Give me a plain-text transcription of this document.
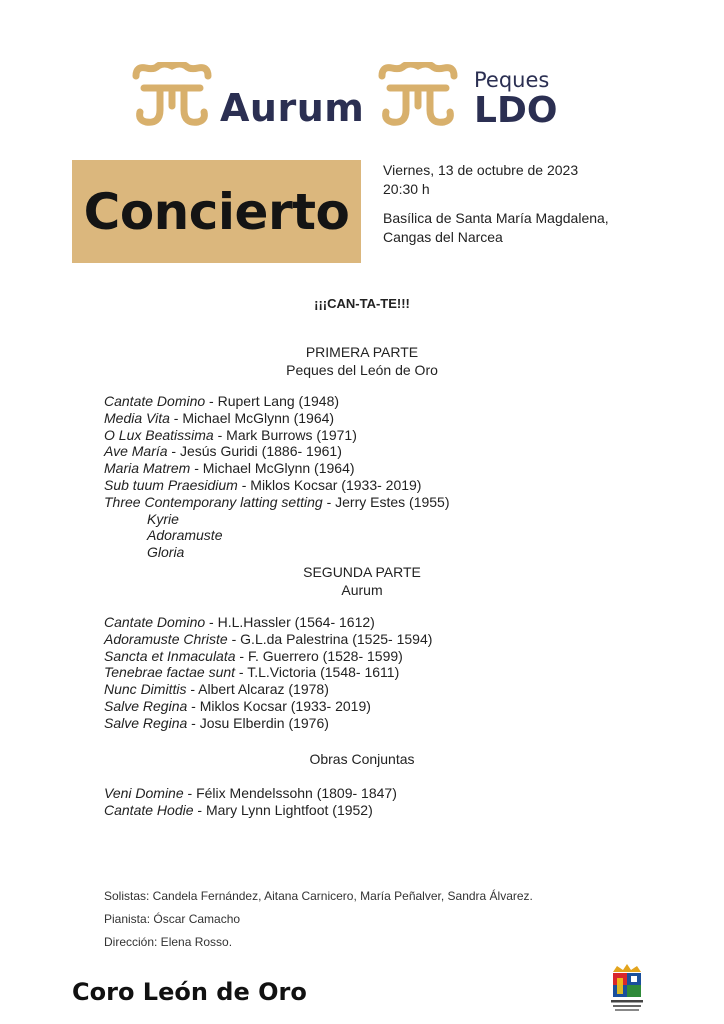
Aurum
Peques
LDO
Concierto
Viernes, 13 de octubre de 2023
20:30 h
Basílica de Santa María Magdalena,
Cangas del Narcea
¡¡¡CAN-TA-TE!!!
PRIMERA PARTE
Peques del León de Oro
Cantate Domino - Rupert Lang (1948)
Media Vita - Michael McGlynn (1964)
O Lux Beatissima - Mark Burrows (1971)
Ave María - Jesús Guridi (1886- 1961)
Maria Matrem - Michael McGlynn (1964)
Sub tuum Praesidium - Miklos Kocsar (1933- 2019)
Three Contemporany latting setting - Jerry Estes (1955)
Kyrie
Adoramuste
Gloria
SEGUNDA PARTE
Aurum
Cantate Domino - H.L.Hassler (1564- 1612)
Adoramuste Christe - G.L.da Palestrina (1525- 1594)
Sancta et Inmaculata - F. Guerrero (1528- 1599)
Tenebrae factae sunt - T.L.Victoria (1548- 1611)
Nunc Dimittis - Albert Alcaraz (1978)
Salve Regina - Miklos Kocsar (1933- 2019)
Salve Regina - Josu Elberdin (1976)
Obras Conjuntas
Veni Domine - Félix Mendelssohn (1809- 1847)
Cantate Hodie - Mary Lynn Lightfoot (1952)
Solistas: Candela Fernández, Aitana Carnicero, María Peñalver, Sandra Álvarez.
Pianista: Óscar Camacho
Dirección: Elena Rosso.
Coro León de Oro
